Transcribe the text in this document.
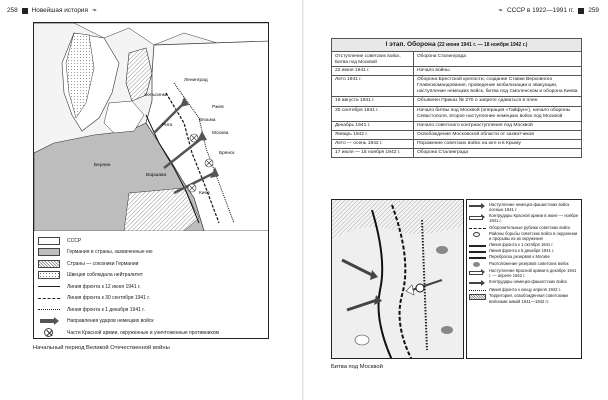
258 Новейшая история ❧
Ленинград
Хельсинки
Москва
Киев
Брянск
Вязьма
Варшава
Берлин
Ржев
Рига
СССР
Германия и страны, захваченные ею
Страны — союзники Германии
Швеция соблюдала нейтралитет
Линия фронта к 12 июня 1941 г.
Линия фронта к 30 сентября 1941 г.
Линия фронта к 1 декабря 1941 г.
Направления ударов немецких войск
Части Красной армии, окруженные и уничтоженные противником
Начальный период Великой Отечественной войны
❧ СССР в 1922—1991 гг. 259
I этап. Оборона (22 июня 1941 г. — 18 ноября 1942 г.)	

Отступление советских войск,
Битва под Москвой	Оборона Сталинграда
22 июня 1941 г.	Начало войны
Лето 1941 г.	Оборона Брестской крепости, создание Ставки Верховного Главнокомандования, проведение мобилизации и эвакуации, наступление немецких войск, битва под Смоленском и оборона Киева
16 августа 1941 г.	Объявлен Приказ № 270 о запрете сдаваться в плен
30 сентября 1941 г.	Начало битвы под Москвой (операция «Тайфун»), начало обороны Севастополя, второе наступление немецких войск под Москвой
Декабрь 1941 г.	Начало советского контрнаступления под Москвой
Январь 1942 г.	Освобождение Московской области от захватчиков
Лето — осень 1942 г.	Поражение советских войск на юге и в Крыму
17 июля — 18 ноября 1942 г.	Оборона Сталинграда
Наступление немецко-фашистских войск осенью 1941 г.
Контрудары Красной армии в июне — ноябре 1941 г.
Оборонительные рубежи советских войск
Районы борьбы советских войск в окружении и прорывы из их окружения
Линия фронта к 1 октября 1941 г.
Линия фронта к 5 декабря 1941 г.
Переброска резервов к Москве
Расположение резервов советских войск
Наступление Красной армии в декабре 1941 г. — апреле 1942 г.
Контрудары немецко-фашистских войск
Линия фронта к концу апреля 1942 г.
Территория, освобождённая советскими войсками зимой 1941—1942 гг.
Битва под Москвой
